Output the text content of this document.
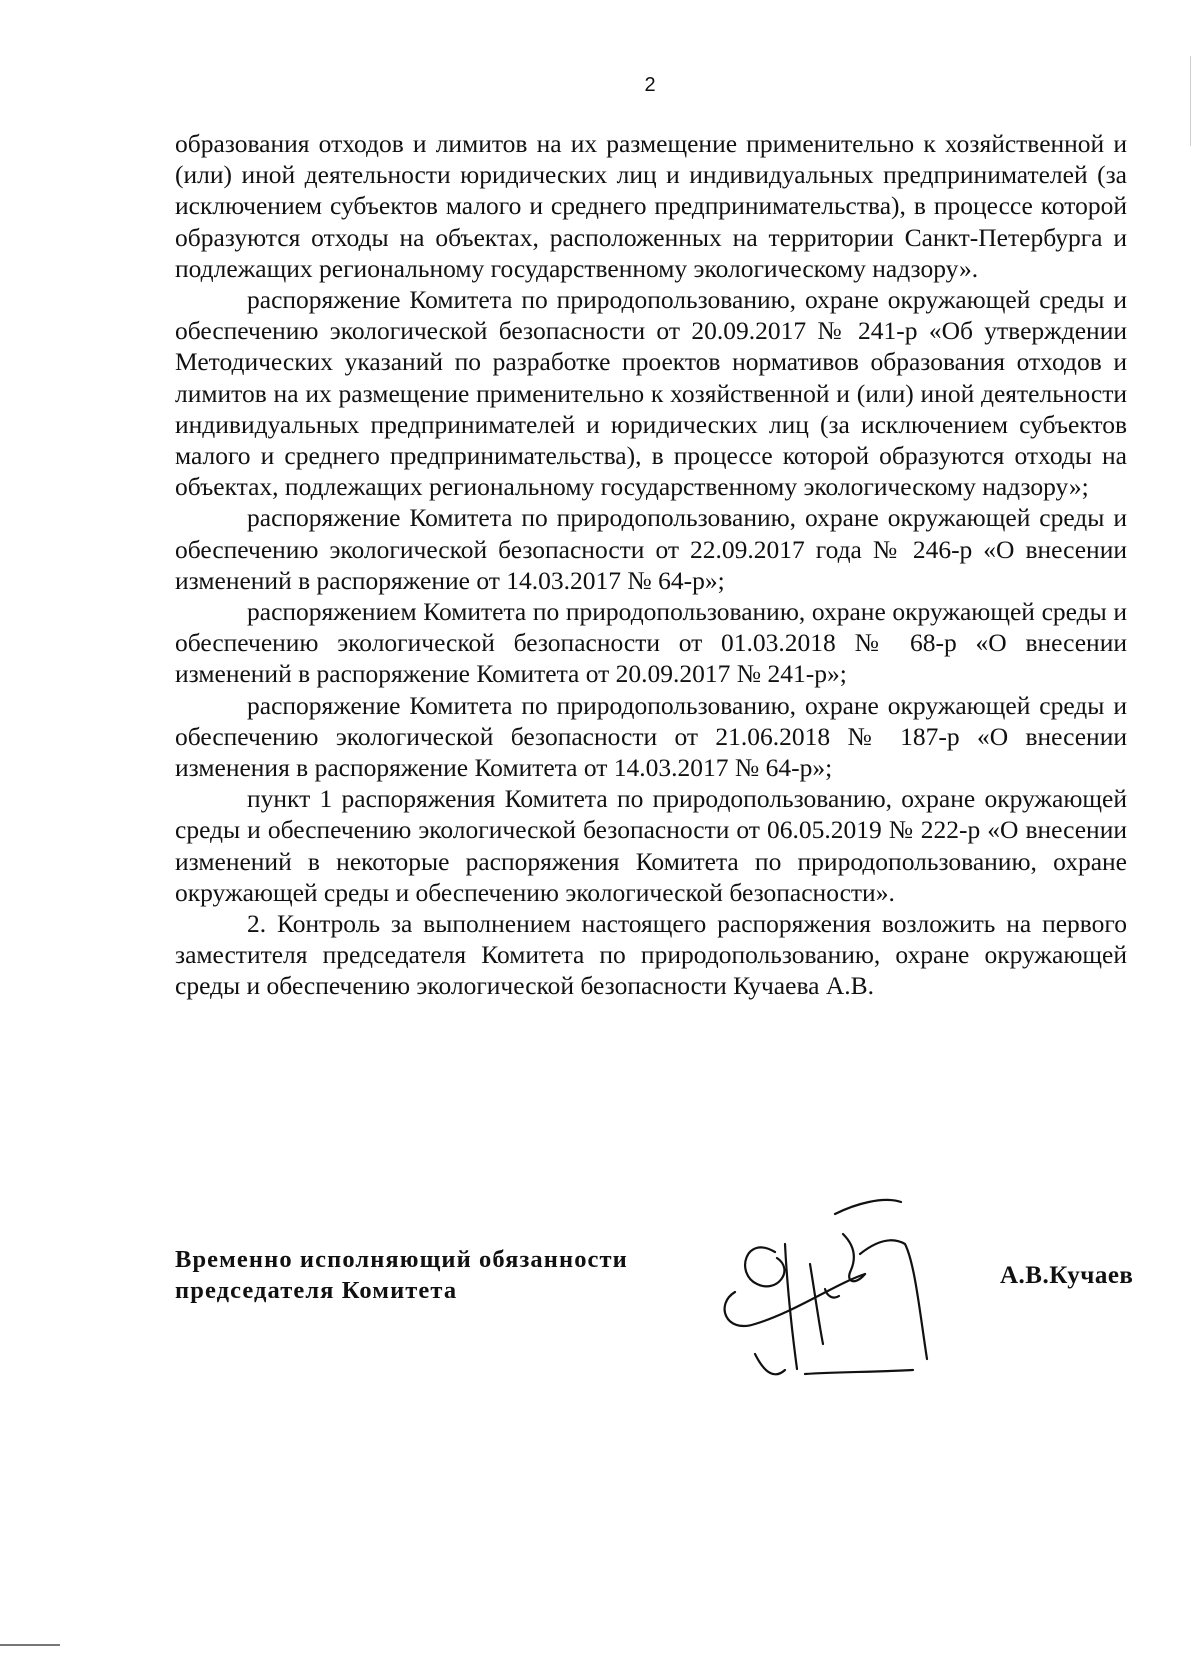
2

образования отходов и лимитов на их размещение применительно к хозяйственной и (или) иной деятельности юридических лиц и индивидуальных предпринимателей (за исключением субъектов малого и среднего предпринимательства), в процессе которой образуются отходы на объектах, расположенных на территории Санкт-Петербурга и подлежащих региональному государственному экологическому надзору».

распоряжение Комитета по природопользованию, охране окружающей среды и обеспечению экологической безопасности от 20.09.2017 № 241-р «Об утверждении Методических указаний по разработке проектов нормативов образования отходов и лимитов на их размещение применительно к хозяйственной и (или) иной деятельности индивидуальных предпринимателей и юридических лиц (за исключением субъектов малого и среднего предпринимательства), в процессе которой образуются отходы на объектах, подлежащих региональному государственному экологическому надзору»;

распоряжение Комитета по природопользованию, охране окружающей среды и обеспечению экологической безопасности от 22.09.2017 года № 246-р «О внесении изменений в распоряжение от 14.03.2017 № 64-р»;

распоряжением Комитета по природопользованию, охране окружающей среды и обеспечению экологической безопасности от 01.03.2018 № 68-р «О внесении изменений в распоряжение Комитета от 20.09.2017 № 241-р»;

распоряжение Комитета по природопользованию, охране окружающей среды и обеспечению экологической безопасности от 21.06.2018 № 187-р «О внесении изменения в распоряжение Комитета от 14.03.2017 № 64-р»;

пункт 1 распоряжения Комитета по природопользованию, охране окружающей среды и обеспечению экологической безопасности от 06.05.2019 № 222-р «О внесении изменений в некоторые распоряжения Комитета по природопользованию, охране окружающей среды и обеспечению экологической безопасности».

2. Контроль за выполнением настоящего распоряжения возложить на первого заместителя председателя Комитета по природопользованию, охране окружающей среды и обеспечению экологической безопасности Кучаева А.В.

Временно исполняющий обязанности
председателя Комитета
А.В.Кучаев
